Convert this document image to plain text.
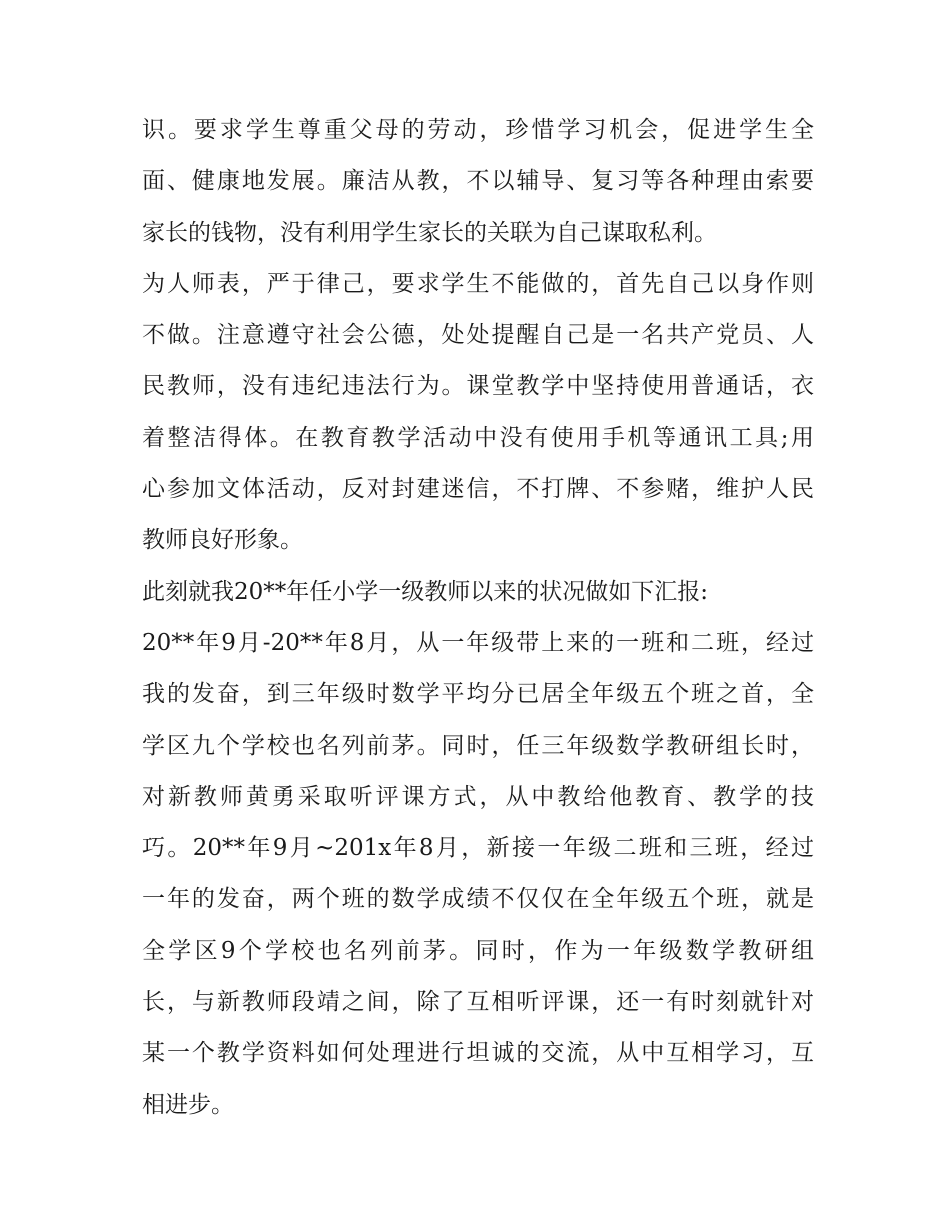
识。要求学生尊重父母的劳动，珍惜学习机会，促进学生全
面、健康地发展。廉洁从教，不以辅导、复习等各种理由索要
家长的钱物，没有利用学生家长的关联为自己谋取私利。
为人师表，严于律己，要求学生不能做的，首先自己以身作则
不做。注意遵守社会公德，处处提醒自己是一名共产党员、人
民教师，没有违纪违法行为。课堂教学中坚持使用普通话，衣
着整洁得体。在教育教学活动中没有使用手机等通讯工具;用
心参加文体活动，反对封建迷信，不打牌、不参赌，维护人民
教师良好形象。
此刻就我20**年任小学一级教师以来的状况做如下汇报:
20**年9月-20**年8月，从一年级带上来的一班和二班，经过
我的发奋，到三年级时数学平均分已居全年级五个班之首，全
学区九个学校也名列前茅。同时，任三年级数学教研组长时，
对新教师黄勇采取听评课方式，从中教给他教育、教学的技
巧。20**年9月~201x年8月，新接一年级二班和三班，经过
一年的发奋，两个班的数学成绩不仅仅在全年级五个班，就是
全学区9个学校也名列前茅。同时，作为一年级数学教研组
长，与新教师段靖之间，除了互相听评课，还一有时刻就针对
某一个教学资料如何处理进行坦诚的交流，从中互相学习，互
相进步。
